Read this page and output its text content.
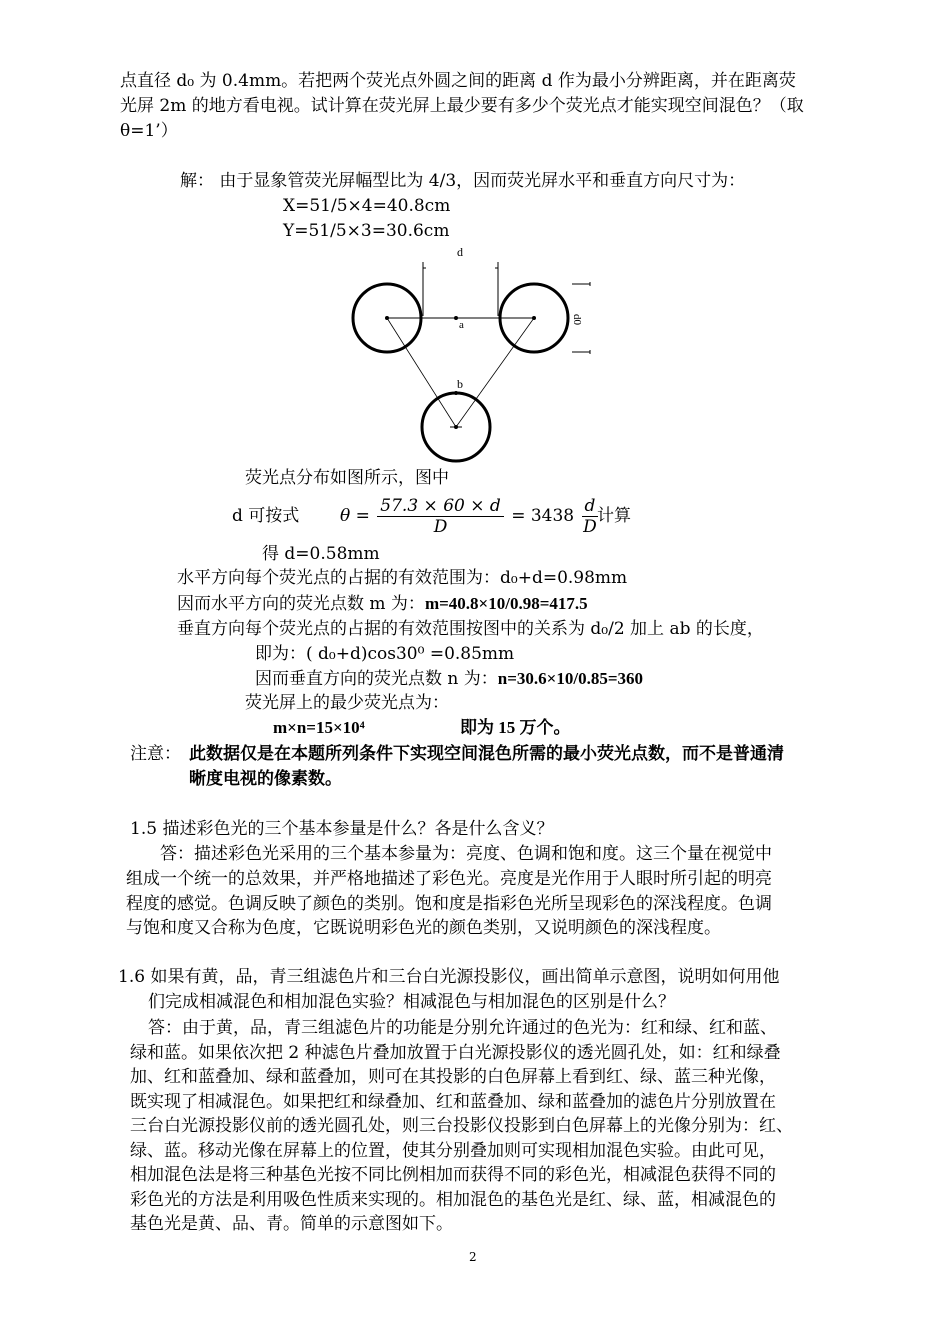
点直径 d₀ 为 0.4mm。若把两个荧光点外圆之间的距离 d 作为最小分辨距离，并在距离荧
光屏 2m 的地方看电视。试计算在荧光屏上最少要有多少个荧光点才能实现空间混色？（取
θ=1’）
解： 由于显象管荧光屏幅型比为 4/3，因而荧光屏水平和垂直方向尺寸为：
X=51/5×4=40.8cm
Y=51/5×3=30.6cm
d
a
b
d0
荧光点分布如图所示，图中
d 可按式 $\theta = \frac{57.3 \times 60 \times d}{D} = 3438 \frac{d}{D}$
计算
得 d=0.58mm
水平方向每个荧光点的占据的有效范围为：d₀+d=0.98mm
因而水平方向的荧光点数 m 为：m=40.8×10/0.98=417.5
垂直方向每个荧光点的占据的有效范围按图中的关系为 d₀/2 加上 ab 的长度，
即为：( d₀+d)cos30⁰ =0.85mm
因而垂直方向的荧光点数 n 为：n=30.6×10/0.85=360
荧光屏上的最少荧光点为：
m×n=15×10⁴	即为 15 万个。
注意： 此数据仅是在本题所列条件下实现空间混色所需的最小荧光点数，而不是普通清
晰度电视的像素数。
1.5 描述彩色光的三个基本参量是什么？各是什么含义？
答：描述彩色光采用的三个基本参量为：亮度、色调和饱和度。这三个量在视觉中
组成一个统一的总效果，并严格地描述了彩色光。亮度是光作用于人眼时所引起的明亮
程度的感觉。色调反映了颜色的类别。饱和度是指彩色光所呈现彩色的深浅程度。色调
与饱和度又合称为色度，它既说明彩色光的颜色类别，又说明颜色的深浅程度。
1.6 如果有黄，品，青三组滤色片和三台白光源投影仪，画出简单示意图，说明如何用他
们完成相减混色和相加混色实验？相减混色与相加混色的区别是什么？
答：由于黄，品，青三组滤色片的功能是分别允许通过的色光为：红和绿、红和蓝、
绿和蓝。如果依次把 2 种滤色片叠加放置于白光源投影仪的透光圆孔处，如：红和绿叠
加、红和蓝叠加、绿和蓝叠加，则可在其投影的白色屏幕上看到红、绿、蓝三种光像，
既实现了相减混色。如果把红和绿叠加、红和蓝叠加、绿和蓝叠加的滤色片分别放置在
三台白光源投影仪前的透光圆孔处，则三台投影仪投影到白色屏幕上的光像分别为：红、
绿、蓝。移动光像在屏幕上的位置，使其分别叠加则可实现相加混色实验。由此可见，
相加混色法是将三种基色光按不同比例相加而获得不同的彩色光，相减混色获得不同的
彩色光的方法是利用吸色性质来实现的。相加混色的基色光是红、绿、蓝，相减混色的
基色光是黄、品、青。简单的示意图如下。
2
